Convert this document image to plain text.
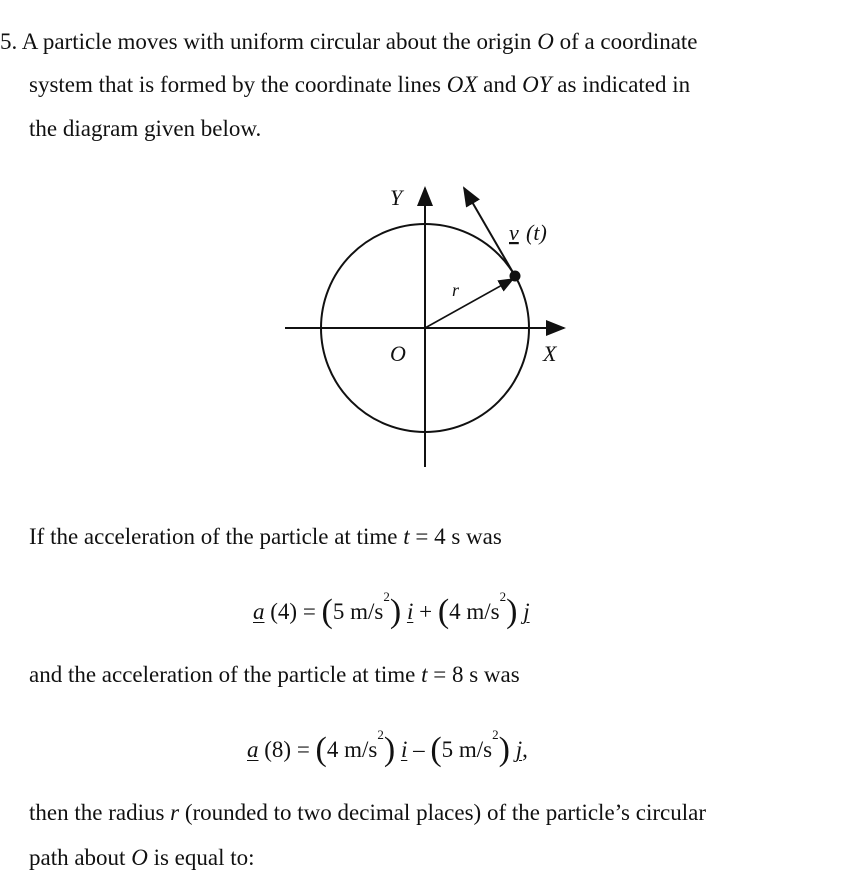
5. A particle moves with uniform circular about the origin O of a coordinate
system that is formed by the coordinate lines OX and OY as indicated in
the diagram given below.
Y
X
O
r
v (t)
If the acceleration of the particle at time t = 4 s was
a (4) = (5 $m/s^2$) i + (4 $m/s^2$) j
and the acceleration of the particle at time t = 8 s was
a (8) = (4 $m/s^2$) i – (5 $m/s^2$) j,
then the radius r (rounded to two decimal places) of the particle’s circular
path about O is equal to:
